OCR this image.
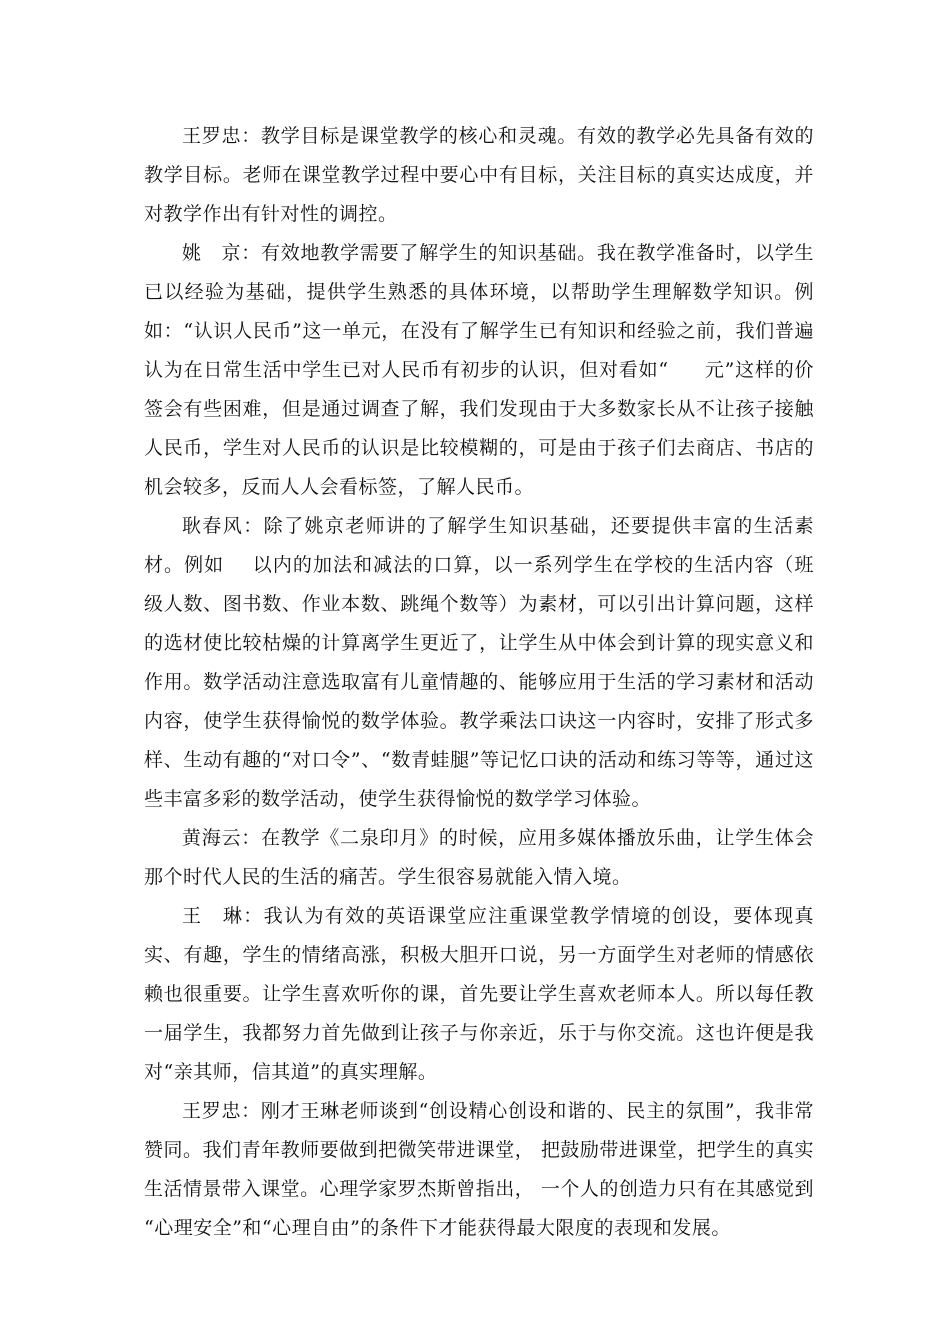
王罗忠：教学目标是课堂教学的核心和灵魂。有效的教学必先具备有效的教学目标。老师在课堂教学过程中要心中有目标，关注目标的真实达成度，并对教学作出有针对性的调控。

姚　京：有效地教学需要了解学生的知识基础。我在教学准备时，以学生已以经验为基础，提供学生熟悉的具体环境，以帮助学生理解数学知识。例如：“认识人民币”这一单元，在没有了解学生已有知识和经验之前，我们普遍认为在日常生活中学生已对人民币有初步的认识，但对看如“ 元”这样的价签会有些困难，但是通过调查了解，我们发现由于大多数家长从不让孩子接触人民币，学生对人民币的认识是比较模糊的，可是由于孩子们去商店、书店的机会较多，反而人人会看标签，了解人民币。

耿春风：除了姚京老师讲的了解学生知识基础，还要提供丰富的生活素材。例如 以内的加法和减法的口算，以一系列学生在学校的生活内容（班级人数、图书数、作业本数、跳绳个数等）为素材，可以引出计算问题，这样的选材使比较枯燥的计算离学生更近了，让学生从中体会到计算的现实意义和作用。数学活动注意选取富有儿童情趣的、能够应用于生活的学习素材和活动内容，使学生获得愉悦的数学体验。教学乘法口诀这一内容时，安排了形式多样、生动有趣的“对口令”、“数青蛙腿”等记忆口诀的活动和练习等等，通过这些丰富多彩的数学活动，使学生获得愉悦的数学学习体验。

黄海云：在教学《二泉印月》的时候，应用多媒体播放乐曲，让学生体会那个时代人民的生活的痛苦。学生很容易就能入情入境。

王　琳：我认为有效的英语课堂应注重课堂教学情境的创设，要体现真实、有趣，学生的情绪高涨，积极大胆开口说，另一方面学生对老师的情感依赖也很重要。让学生喜欢听你的课，首先要让学生喜欢老师本人。所以每任教一届学生，我都努力首先做到让孩子与你亲近，乐于与你交流。这也许便是我对“亲其师，信其道”的真实理解。

王罗忠：刚才王琳老师谈到“创设精心创设和谐的、民主的氛围”，我非常赞同。我们青年教师要做到把微笑带进课堂， 把鼓励带进课堂，把学生的真实生活情景带入课堂。心理学家罗杰斯曾指出， 一个人的创造力只有在其感觉到 “心理安全”和“心理自由”的条件下才能获得最大限度的表现和发展。
